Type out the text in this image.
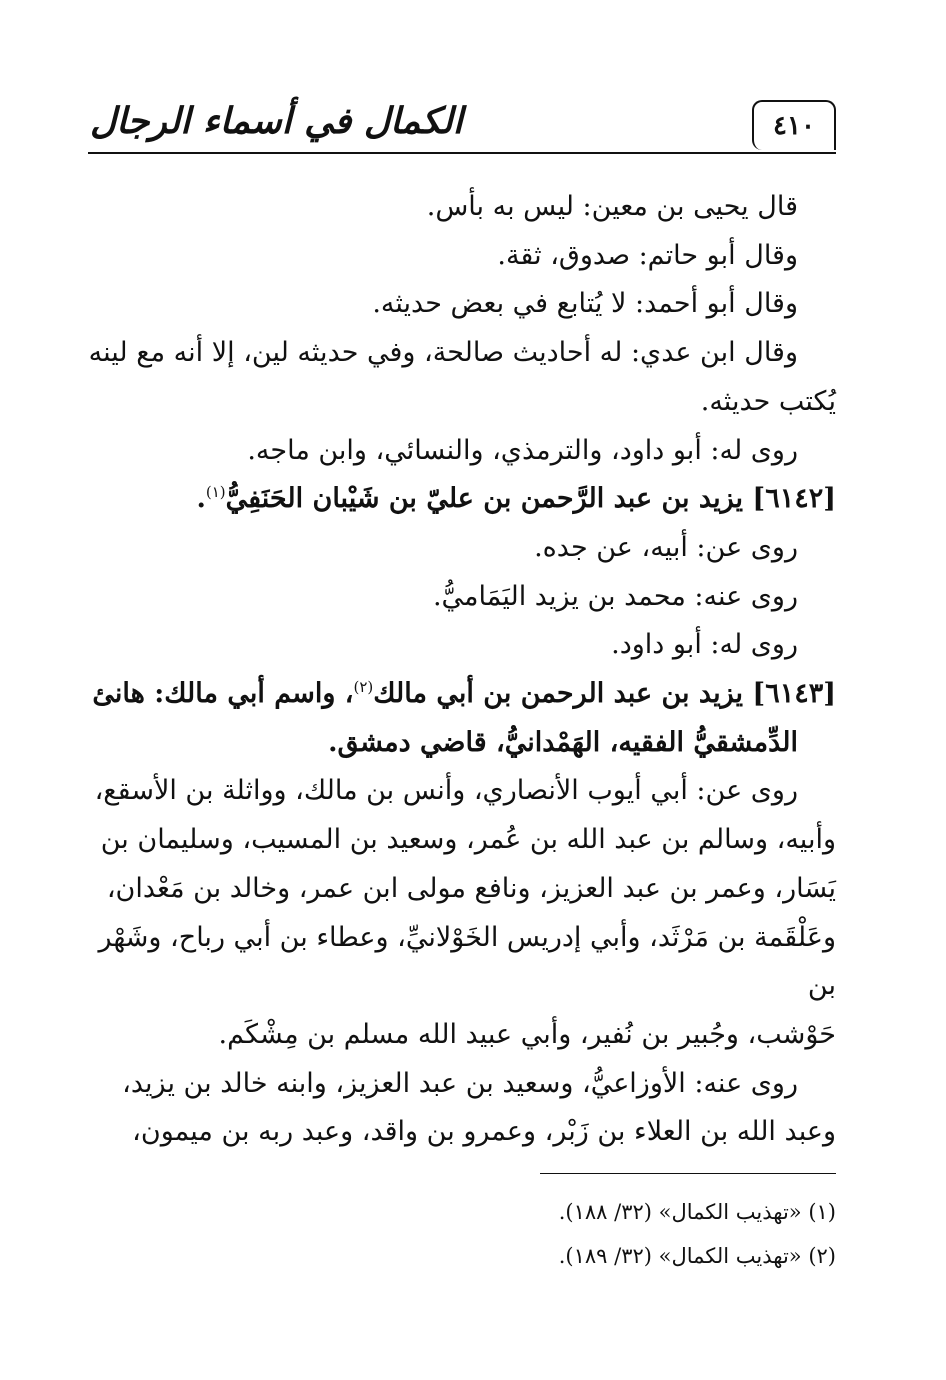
الكمال في أسماء الرجال	٤١٠

قال يحيى بن معين: ليس به بأس.

وقال أبو حاتم: صدوق، ثقة.

وقال أبو أحمد: لا يُتابع في بعض حديثه.

وقال ابن عدي: له أحاديث صالحة، وفي حديثه لين، إلا أنه مع لينه

يُكتب حديثه.

روى له: أبو داود، والترمذي، والنسائي، وابن ماجه.

[٦١٤٢] يزيد بن عبد الرَّحمن بن عليّ بن شَيْبان الحَنَفِيُّ$^{(١)}$.

روى عن: أبيه، عن جده.

روى عنه: محمد بن يزيد اليَمَاميُّ.

روى له: أبو داود.

[٦١٤٣] يزيد بن عبد الرحمن بن أبي مالك$^{(٢)}$، واسم أبي مالك: هانئ

الدِّمشقيُّ الفقيه، الهَمْدانيُّ، قاضي دمشق.

روى عن: أبي أيوب الأنصاري، وأنس بن مالك، وواثلة بن الأسقع،

وأبيه، وسالم بن عبد الله بن عُمر، وسعيد بن المسيب، وسليمان بن

يَسَار، وعمر بن عبد العزيز، ونافع مولى ابن عمر، وخالد بن مَعْدان،

وعَلْقَمة بن مَرْثَد، وأبي إدريس الخَوْلانيِّ، وعطاء بن أبي رباح، وشَهْر بن

حَوْشب، وجُبير بن نُفير، وأبي عبيد الله مسلم بن مِشْكَم.

روى عنه: الأوزاعيُّ، وسعيد بن عبد العزيز، وابنه خالد بن يزيد،

وعبد الله بن العلاء بن زَبْر، وعمرو بن واقد، وعبد ربه بن ميمون،

(١) «تهذيب الكمال» (٣٢/ ١٨٨).
(٢) «تهذيب الكمال» (٣٢/ ١٨٩).
